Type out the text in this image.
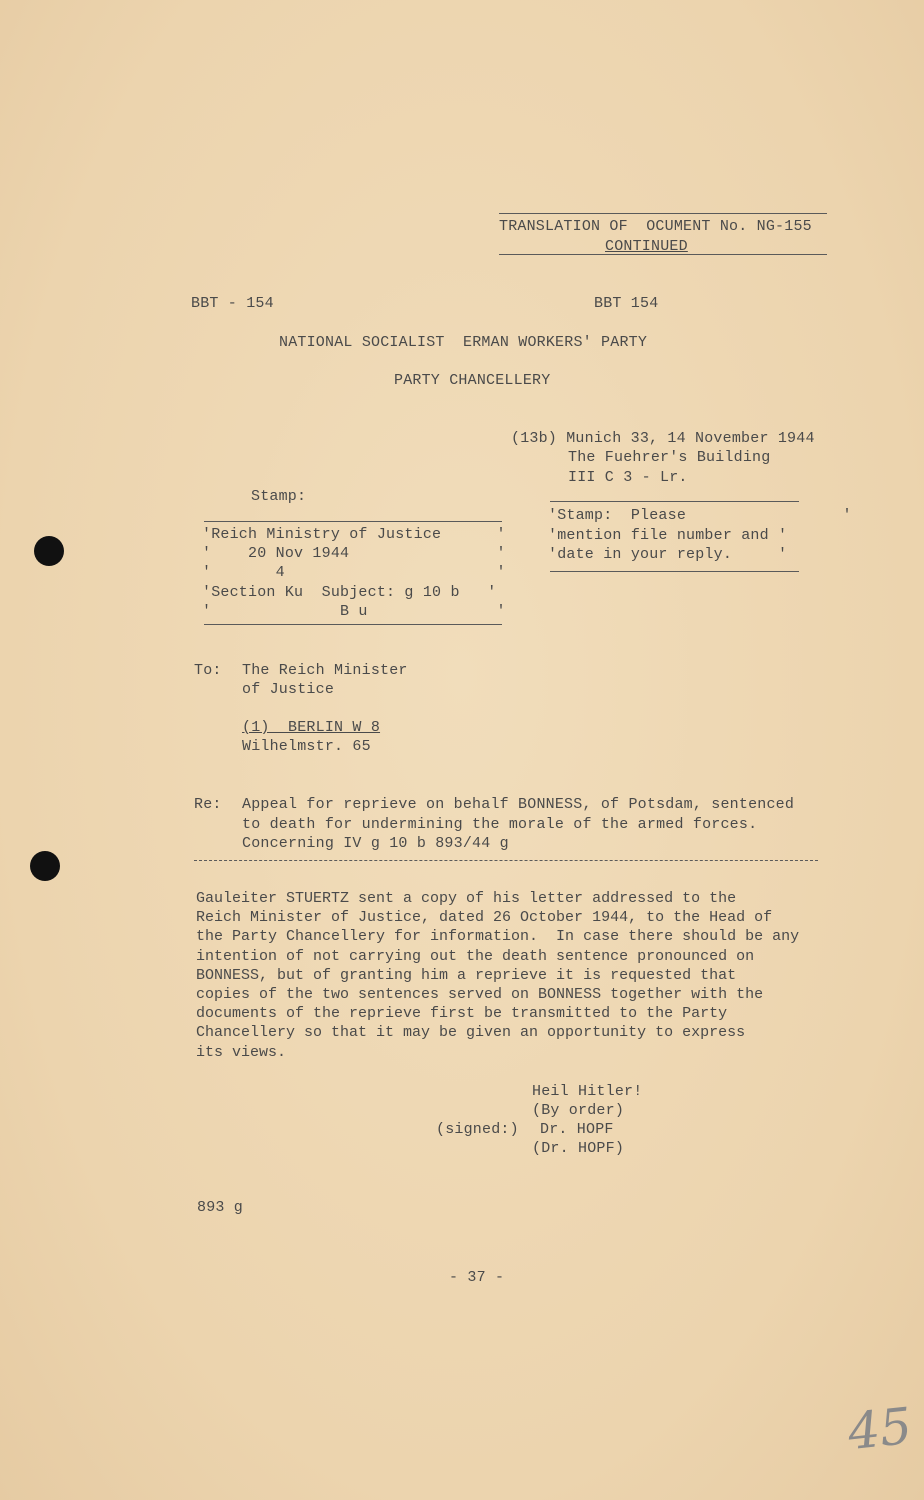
TRANSLATION OF  OCUMENT No. NG-155
CONTINUED
BBT - 154	BBT 154
NATIONAL SOCIALIST  ERMAN WORKERS' PARTY
PARTY CHANCELLERY
(13b) Munich 33, 14 November 1944
The Fuehrer's Building
III C 3 - Lr.
Stamp:
'Reich Ministry of Justice      '
'    20 Nov 1944                '
'       4                       '
'Section Ku  Subject: g 10 b   '
'              B u              '
'Stamp:  Please                 '
'mention file number and '
'date in your reply.     '
To: The Reich Minister
of Justice
(1)  BERLIN W 8
Wilhelmstr. 65
Re: Appeal for reprieve on behalf BONNESS, of Potsdam, sentenced
to death for undermining the morale of the armed forces.
Concerning IV g 10 b 893/44 g
Gauleiter STUERTZ sent a copy of his letter addressed to the
Reich Minister of Justice, dated 26 October 1944, to the Head of
the Party Chancellery for information.  In case there should be any
intention of not carrying out the death sentence pronounced on
BONNESS, but of granting him a reprieve it is requested that
copies of the two sentences served on BONNESS together with the
documents of the reprieve first be transmitted to the Party
Chancellery so that it may be given an opportunity to express
its views.
Heil Hitler!
(By order)
(signed:) Dr. HOPF
(Dr. HOPF)
893 g
- 37 -
45
